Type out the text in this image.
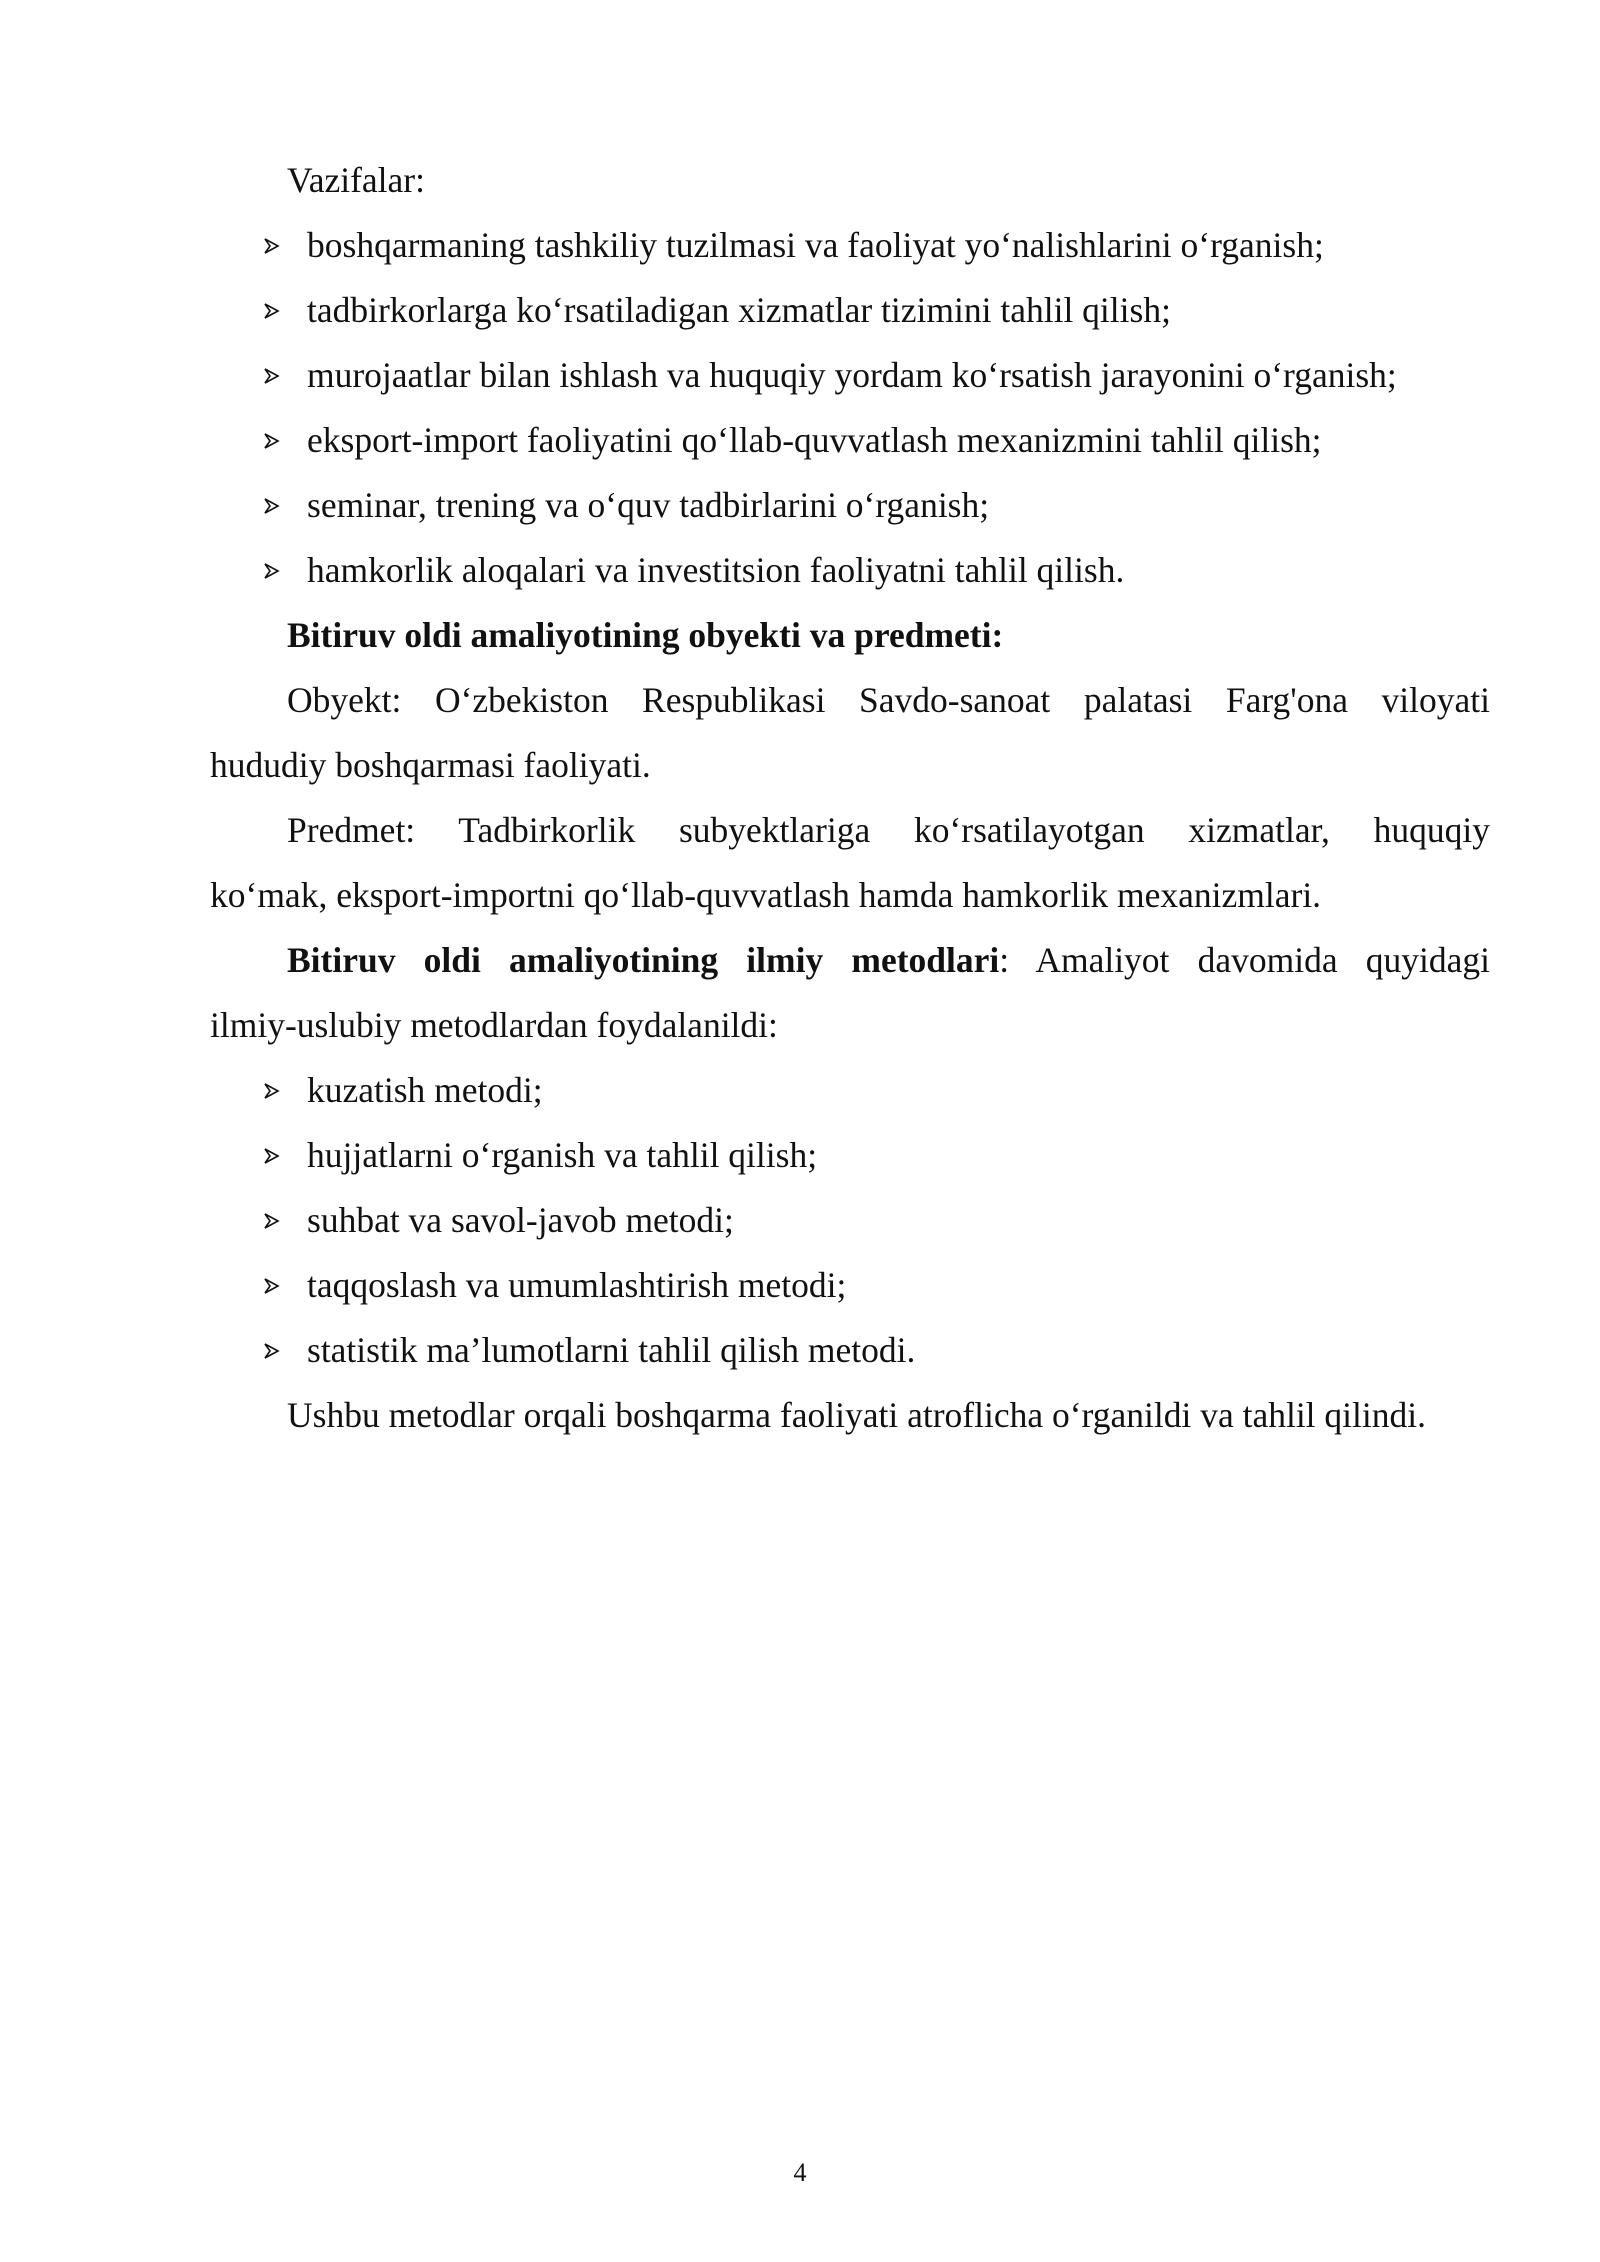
Vazifalar:

boshqarmaning tashkiliy tuzilmasi va faoliyat yo‘nalishlarini o‘rganish;
tadbirkorlarga ko‘rsatiladigan xizmatlar tizimini tahlil qilish;
murojaatlar bilan ishlash va huquqiy yordam ko‘rsatish jarayonini o‘rganish;
eksport-import faoliyatini qo‘llab-quvvatlash mexanizmini tahlil qilish;
seminar, trening va o‘quv tadbirlarini o‘rganish;
hamkorlik aloqalari va investitsion faoliyatni tahlil qilish.

Bitiruv oldi amaliyotining obyekti va predmeti:

Obyekt: O‘zbekiston Respublikasi Savdo-sanoat palatasi Farg'ona viloyati

hududiy boshqarmasi faoliyati.

Predmet: Tadbirkorlik subyektlariga ko‘rsatilayotgan xizmatlar, huquqiy

ko‘mak, eksport-importni qo‘llab-quvvatlash hamda hamkorlik mexanizmlari.

Bitiruv oldi amaliyotining ilmiy metodlari: Amaliyot davomida quyidagi

ilmiy-uslubiy metodlardan foydalanildi:

kuzatish metodi;
hujjatlarni o‘rganish va tahlil qilish;
suhbat va savol-javob metodi;
taqqoslash va umumlashtirish metodi;
statistik ma’lumotlarni tahlil qilish metodi.

Ushbu metodlar orqali boshqarma faoliyati atroflicha o‘rganildi va tahlil qilindi.

4
